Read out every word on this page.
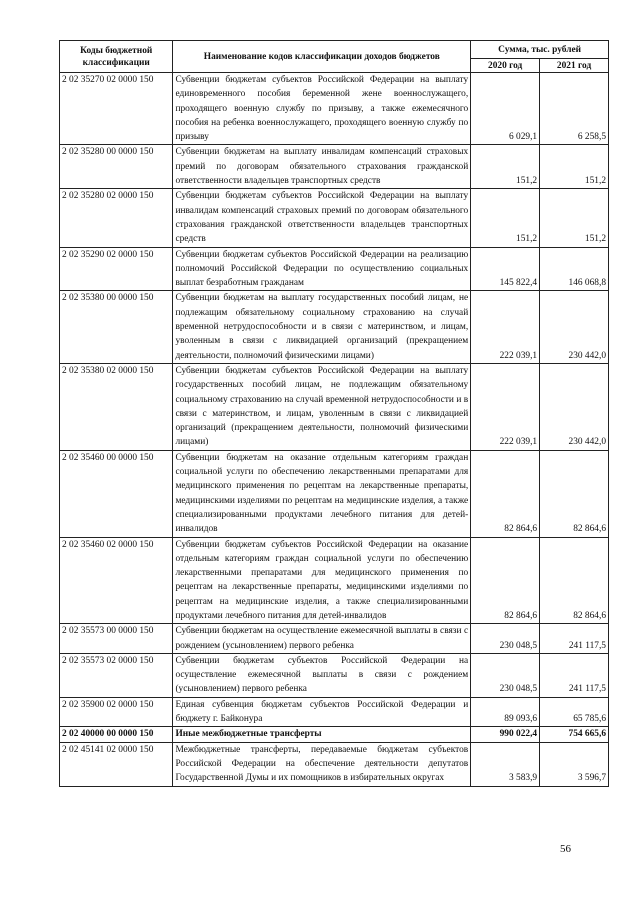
Коды бюджетной классификации	Наименование кодов классификации доходов бюджетов	Сумма, тыс. рублей	
		2020 год	2021 год
2 02 35270 02 0000 150	Субвенции бюджетам субъектов Российской Федерации на выплату единовременного пособия беременной жене военнослужащего, проходящего военную службу по призыву, а также ежемесячного пособия на ребенка военнослужащего, проходящего военную службу по призыву	6 029,1	6 258,5
2 02 35280 00 0000 150	Субвенции бюджетам на выплату инвалидам компенсаций страховых премий по договорам обязательного страхования гражданской ответственности владельцев транспортных средств	151,2	151,2
2 02 35280 02 0000 150	Субвенции бюджетам субъектов Российской Федерации на выплату инвалидам компенсаций страховых премий по договорам обязательного страхования гражданской ответственности владельцев транспортных средств	151,2	151,2
2 02 35290 02 0000 150	Субвенции бюджетам субъектов Российской Федерации на реализацию полномочий Российской Федерации по осуществлению социальных выплат безработным гражданам	145 822,4	146 068,8
2 02 35380 00 0000 150	Субвенции бюджетам на выплату государственных пособий лицам, не подлежащим обязательному социальному страхованию на случай временной нетрудоспособности и в связи с материнством, и лицам, уволенным в связи с ликвидацией организаций (прекращением деятельности, полномочий физическими лицами)	222 039,1	230 442,0
2 02 35380 02 0000 150	Субвенции бюджетам субъектов Российской Федерации на выплату государственных пособий лицам, не подлежащим обязательному социальному страхованию на случай временной нетрудоспособности и в связи с материнством, и лицам, уволенным в связи с ликвидацией организаций (прекращением деятельности, полномочий физическими лицами)	222 039,1	230 442,0
2 02 35460 00 0000 150	Субвенции бюджетам на оказание отдельным категориям граждан социальной услуги по обеспечению лекарственными препаратами для медицинского применения по рецептам на лекарственные препараты, медицинскими изделиями по рецептам на медицинские изделия, а также специализированными продуктами лечебного питания для детей-инвалидов	82 864,6	82 864,6
2 02 35460 02 0000 150	Субвенции бюджетам субъектов Российской Федерации на оказание отдельным категориям граждан социальной услуги по обеспечению лекарственными препаратами для медицинского применения по рецептам на лекарственные препараты, медицинскими изделиями по рецептам на медицинские изделия, а также специализированными продуктами лечебного питания для детей-инвалидов	82 864,6	82 864,6
2 02 35573 00 0000 150	Субвенции бюджетам на осуществление ежемесячной выплаты в связи с рождением (усыновлением) первого ребенка	230 048,5	241 117,5
2 02 35573 02 0000 150	Субвенции бюджетам субъектов Российской Федерации на осуществление ежемесячной выплаты в связи с рождением (усыновлением) первого ребенка	230 048,5	241 117,5
2 02 35900 02 0000 150	Единая субвенция бюджетам субъектов Российской Федерации и бюджету г. Байконура	89 093,6	65 785,6
2 02 40000 00 0000 150	Иные межбюджетные трансферты	990 022,4	754 665,6
2 02 45141 02 0000 150	Межбюджетные трансферты, передаваемые бюджетам субъектов Российской Федерации на обеспечение деятельности депутатов Государственной Думы и их помощников в избирательных округах	3 583,9	3 596,7
56
